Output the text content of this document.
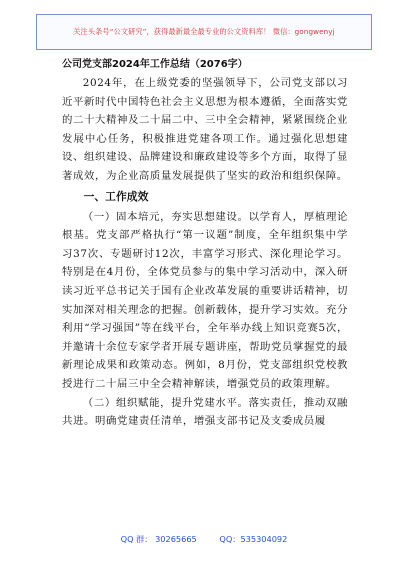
关注头条号“公文研究”，获得最新最全最专业的公文资料库！ 微信：gongwenyj

公司党支部2024年工作总结（2076字）

2024年，在上级党委的坚强领导下，公司党支部以习近平新时代中国特色社会主义思想为根本遵循，全面落实党的二十大精神及二十届二中、三中全会精神，紧紧围绕企业发展中心任务，积极推进党建各项工作。通过强化思想建设、组织建设、品牌建设和廉政建设等多个方面，取得了显著成效，为企业高质量发展提供了坚实的政治和组织保障。

一、工作成效

（一）固本培元，夯实思想建设。以学育人，厚植理论根基。党支部严格执行“第一议题”制度，全年组织集中学习37次、专题研讨12次，丰富学习形式、深化理论学习。特别是在4月份，全体党员参与的集中学习活动中，深入研读习近平总书记关于国有企业改革发展的重要讲话精神，切实加深对相关理念的把握。创新载体，提升学习实效。充分利用“学习强国”等在线平台，全年举办线上知识竞赛5次，并邀请十余位专家学者开展专题讲座，帮助党员掌握党的最新理论成果和政策动态。例如，8月份，党支部组织党校教授进行二十届三中全会精神解读，增强党员的政策理解。

（二）组织赋能，提升党建水平。落实责任，推动双融共进。明确党建责任清单，增强支部书记及支委成员履

QQ 群： 30265665	QQ：535304092
